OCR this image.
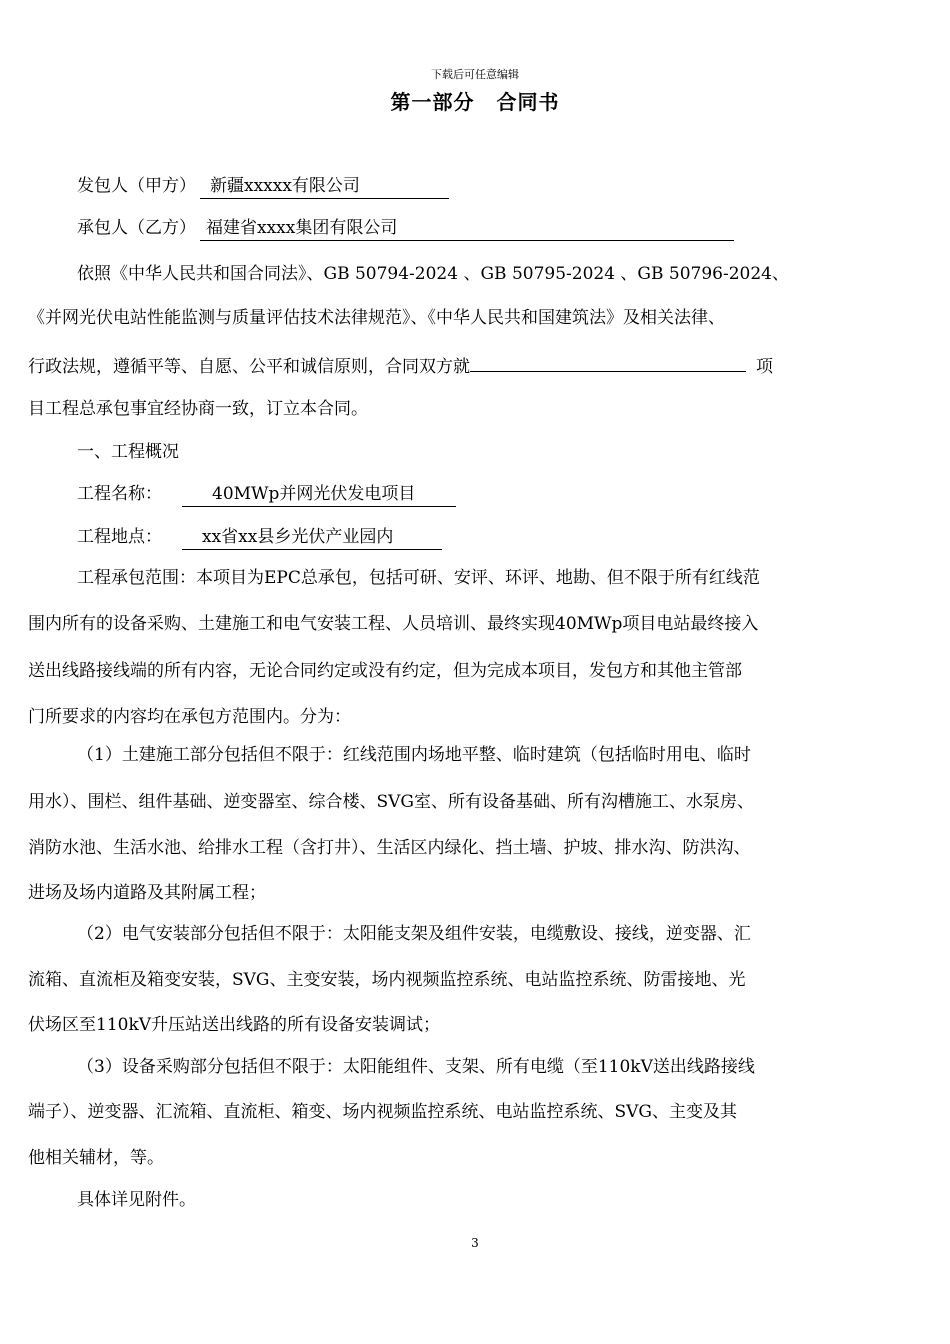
下载后可任意编辑
第一部分 合同书
发包人（甲方） 新疆xxxxx有限公司
承包人（乙方） 福建省xxxx集团有限公司
依照《中华人民共和国合同法》、GB 50794-2024 、GB 50795-2024 、GB 50796-2024、
《并网光伏电站性能监测与质量评估技术法律规范》、《中华人民共和国建筑法》及相关法律、
行政法规，遵循平等、自愿、公平和诚信原则，合同双方就	项
目工程总承包事宜经协商一致，订立本合同。
一、工程概况
工程名称：	40MWp并网光伏发电项目
工程地点： xx省xx县乡光伏产业园内
工程承包范围：本项目为EPC总承包，包括可研、安评、环评、地勘、但不限于所有红线范
围内所有的设备采购、土建施工和电气安装工程、人员培训、最终实现40MWp项目电站最终接入
送出线路接线端的所有内容，无论合同约定或没有约定，但为完成本项目，发包方和其他主管部
门所要求的内容均在承包方范围内。分为：
（1）土建施工部分包括但不限于：红线范围内场地平整、临时建筑（包括临时用电、临时
用水）、围栏、组件基础、逆变器室、综合楼、SVG室、所有设备基础、所有沟槽施工、水泵房、
消防水池、生活水池、给排水工程（含打井）、生活区内绿化、挡土墙、护坡、排水沟、防洪沟、
进场及场内道路及其附属工程；
（2）电气安装部分包括但不限于：太阳能支架及组件安装，电缆敷设、接线，逆变器、汇
流箱、直流柜及箱变安装，SVG、主变安装，场内视频监控系统、电站监控系统、防雷接地、光
伏场区至110kV升压站送出线路的所有设备安装调试；
（3）设备采购部分包括但不限于：太阳能组件、支架、所有电缆（至110kV送出线路接线
端子）、逆变器、汇流箱、直流柜、箱变、场内视频监控系统、电站监控系统、SVG、主变及其
他相关辅材，等。
具体详见附件。
3
